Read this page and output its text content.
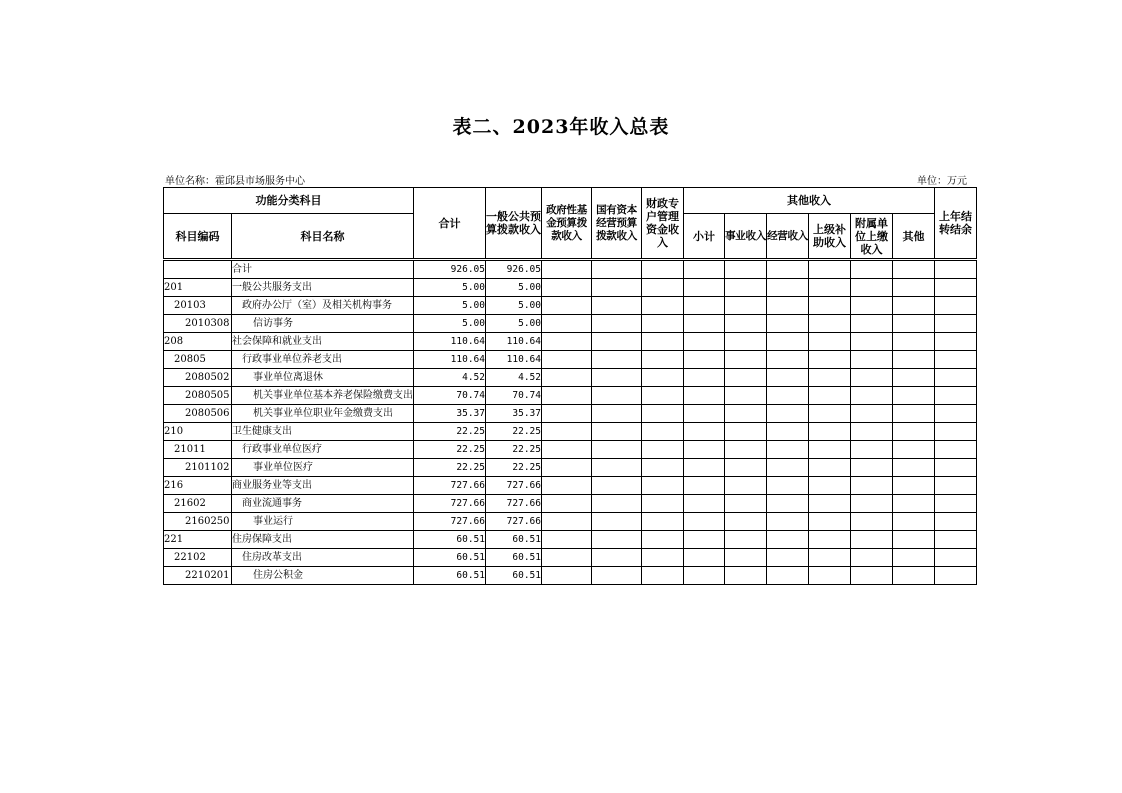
表二、2023年收入总表
单位名称：霍邱县市场服务中心	单位：万元
功能分类科目		合计	一般公共预算拨款收入	政府性基金预算拨款收入	国有资本经营预算拨款收入	财政专户管理资金收入	其他收入						上年结转结余
科目编码	科目名称						小计	事业收入	经营收入	上级补助收入	附属单位上缴收入	其他	

	合计	926.05	926.05										
201	一般公共服务支出	5.00	5.00										
20103	政府办公厅（室）及相关机构事务	5.00	5.00										
2010308	信访事务	5.00	5.00										
208	社会保障和就业支出	110.64	110.64										
20805	行政事业单位养老支出	110.64	110.64										
2080502	事业单位离退休	4.52	4.52										
2080505	机关事业单位基本养老保险缴费支出	70.74	70.74										
2080506	机关事业单位职业年金缴费支出	35.37	35.37										
210	卫生健康支出	22.25	22.25										
21011	行政事业单位医疗	22.25	22.25										
2101102	事业单位医疗	22.25	22.25										
216	商业服务业等支出	727.66	727.66										
21602	商业流通事务	727.66	727.66										
2160250	事业运行	727.66	727.66										
221	住房保障支出	60.51	60.51										
22102	住房改革支出	60.51	60.51										
2210201	住房公积金	60.51	60.51										
